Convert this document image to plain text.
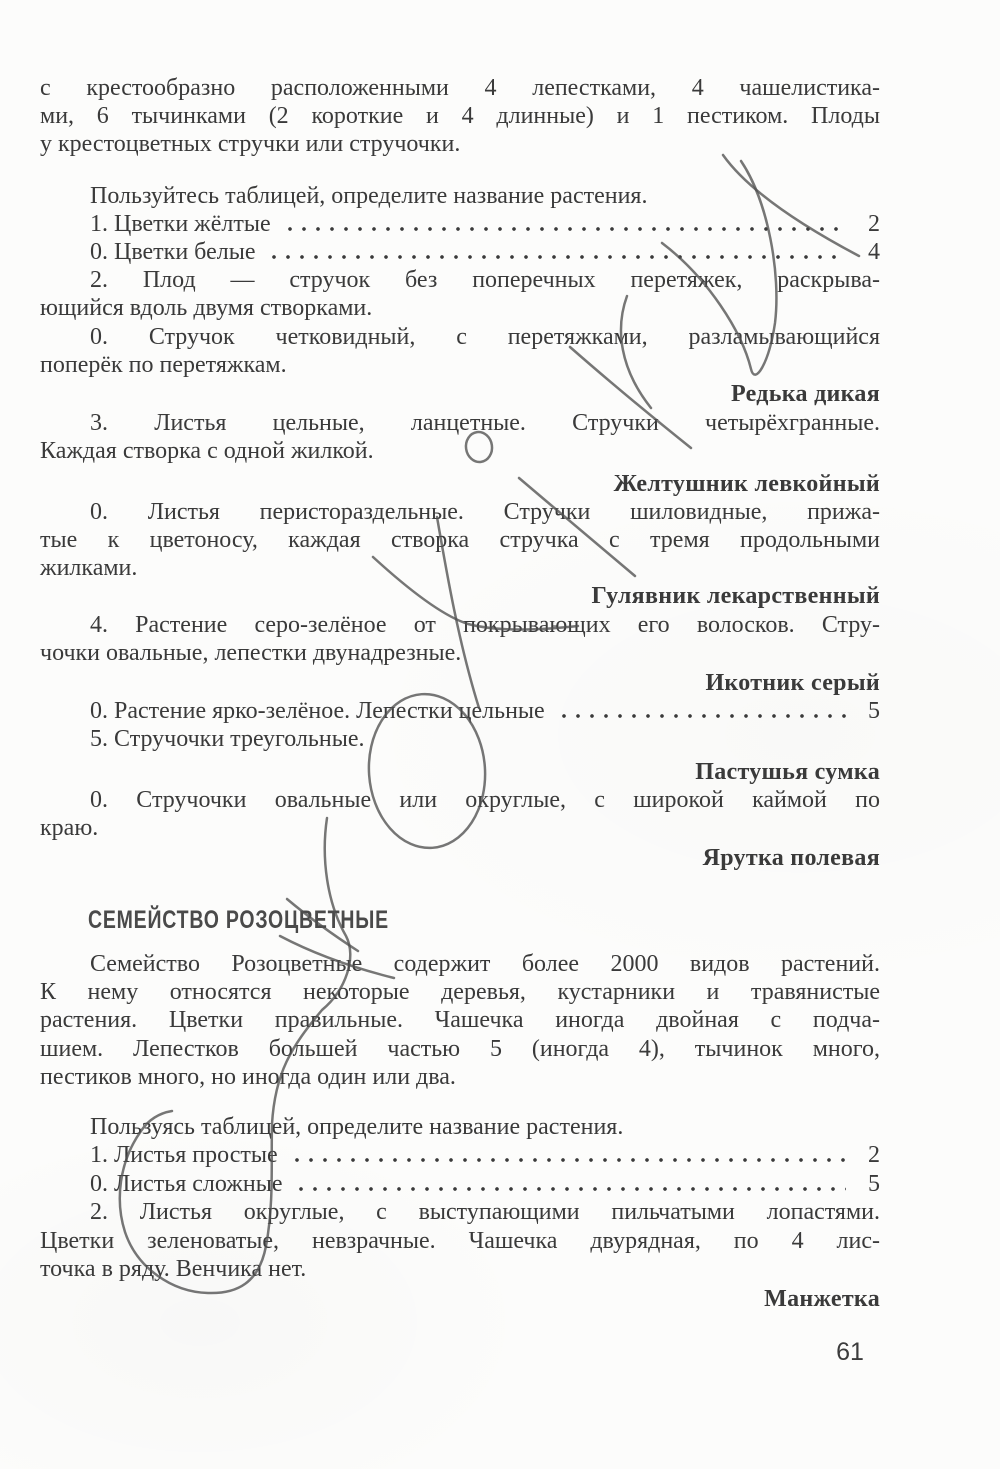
с крестообразно расположенными 4 лепестками, 4 чашелистика-
ми, 6 тычинками (2 короткие и 4 длинные) и 1 пестиком. Плоды
у крестоцветных стручки или стручочки.
Пользуйтесь таблицей, определите название растения.
1. Цветки жёлтые	2
0. Цветки белые	4
2. Плод — стручок без поперечных перетяжек, раскрыва-
ющийся вдоль двумя створками.
0. Стручок четковидный, с перетяжками, разламывающийся
поперёк по перетяжкам.
Редька дикая
3. Листья цельные, ланцетные. Стручки четырёхгранные.
Каждая створка с одной жилкой.
Желтушник левкойный
0. Листья перистораздельные. Стручки шиловидные, прижа-
тые к цветоносу, каждая створка стручка с тремя продольными
жилками.
Гулявник лекарственный
4. Растение серо-зелёное от покрывающих его волосков. Стру-
чочки овальные, лепестки двунадрезные.
Икотник серый
0. Растение ярко-зелёное. Лепестки цельные	5
5. Стручочки треугольные.
Пастушья сумка
0. Стручочки овальные или округлые, с широкой каймой по
краю.
Ярутка полевая
СЕМЕЙСТВО РОЗОЦВЕТНЫЕ
Семейство Розоцветные содержит более 2000 видов растений.
К нему относятся некоторые деревья, кустарники и травянистые
растения. Цветки правильные. Чашечка иногда двойная с подча-
шием. Лепестков большей частью 5 (иногда 4), тычинок много,
пестиков много, но иногда один или два.
Пользуясь таблицей, определите название растения.
1. Листья простые	2
0. Листья сложные	5
2. Листья округлые, с выступающими пильчатыми лопастями.
Цветки зеленоватые, невзрачные. Чашечка двурядная, по 4 лис-
точка в ряду. Венчика нет.
Манжетка
61
